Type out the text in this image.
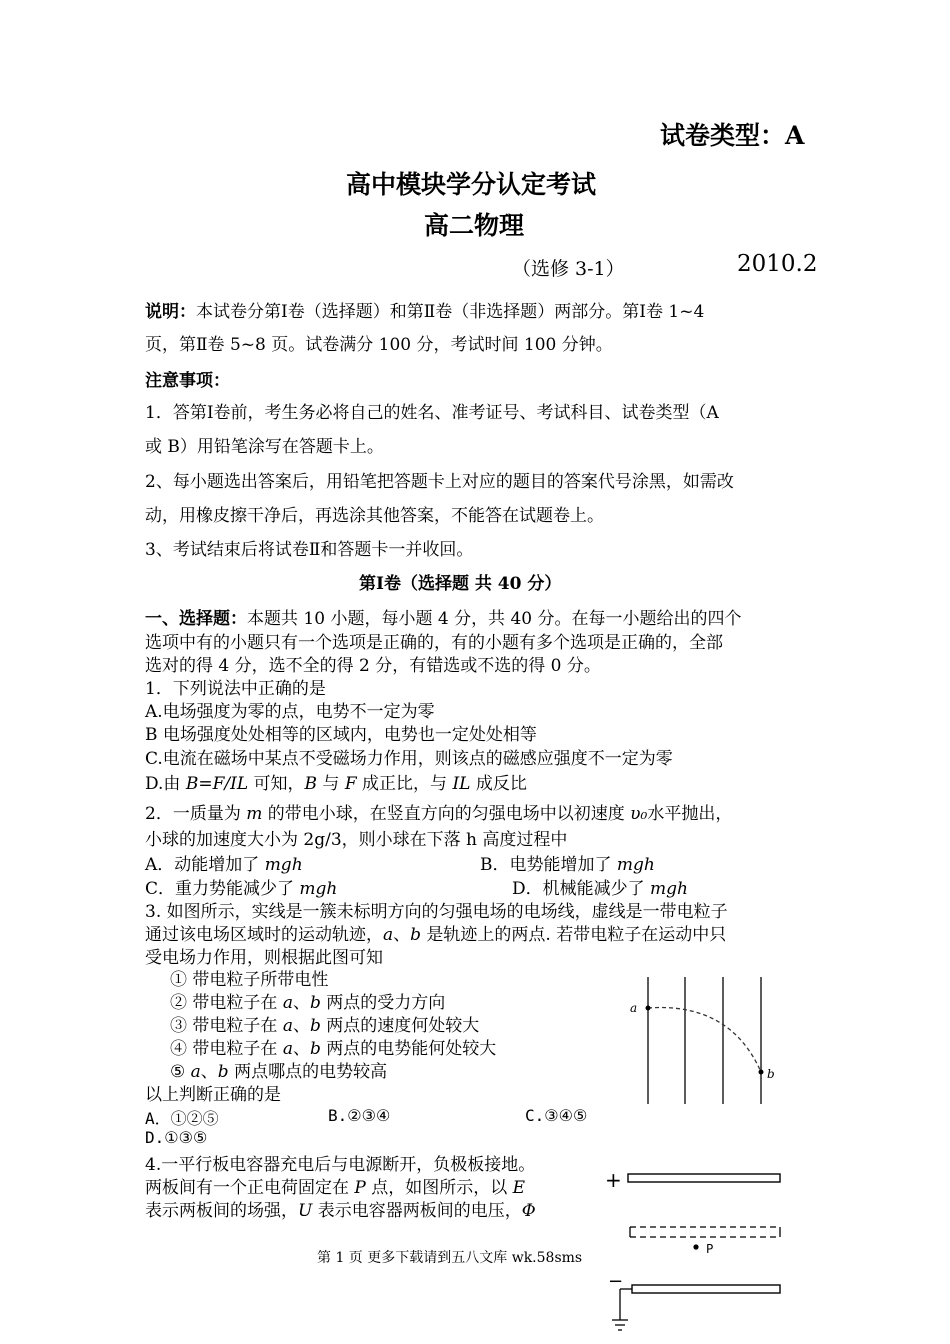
试卷类型：A
高中模块学分认定考试
高二物理
（选修 3-1）	2010.2
说明：本试卷分第Ⅰ卷（选择题）和第Ⅱ卷（非选择题）两部分。第Ⅰ卷 1~4
页，第Ⅱ卷 5~8 页。试卷满分 100 分，考试时间 100 分钟。
注意事项：
1．答第Ⅰ卷前，考生务必将自己的姓名、准考证号、考试科目、试卷类型（A
或 B）用铅笔涂写在答题卡上。
2、每小题选出答案后，用铅笔把答题卡上对应的题目的答案代号涂黑，如需改
动，用橡皮擦干净后，再选涂其他答案，不能答在试题卷上。
3、考试结束后将试卷Ⅱ和答题卡一并收回。
第Ⅰ卷（选择题 共 40 分）
一、选择题：本题共 10 小题，每小题 4 分，共 40 分。在每一小题给出的四个
选项中有的小题只有一个选项是正确的，有的小题有多个选项是正确的，全部
选对的得 4 分，选不全的得 2 分，有错选或不选的得 0 分。
1．下列说法中正确的是
A.电场强度为零的点，电势不一定为零
B 电场强度处处相等的区域内，电势也一定处处相等
C.电流在磁场中某点不受磁场力作用，则该点的磁感应强度不一定为零
D.由 B=F/IL 可知，B 与 F 成正比，与 IL 成反比
2．一质量为 m 的带电小球，在竖直方向的匀强电场中以初速度 υ₀水平抛出，
小球的加速度大小为 2g/3，则小球在下落 h 高度过程中
A．动能增加了 mgh	B．电势能增加了 mgh
C．重力势能减少了 mgh	D．机械能减少了 mgh
3. 如图所示，实线是一簇未标明方向的匀强电场的电场线，虚线是一带电粒子
通过该电场区域时的运动轨迹，a、b 是轨迹上的两点. 若带电粒子在运动中只
受电场力作用，则根据此图可知
① 带电粒子所带电性
② 带电粒子在 a、b 两点的受力方向
③ 带电粒子在 a、b 两点的速度何处较大
④ 带电粒子在 a、b 两点的电势能何处较大
⑤ a、b 两点哪点的电势较高
以上判断正确的是
A．①②⑤	B.②③④	C.③④⑤
D.①③⑤
a
b
4.一平行板电容器充电后与电源断开，负极板接地。
两板间有一个正电荷固定在 P 点，如图所示，以 E
表示两板间的场强，U 表示电容器两板间的电压，Φ
+
P
−
第 1 页 更多下载请到五八文库 wk.58sms
